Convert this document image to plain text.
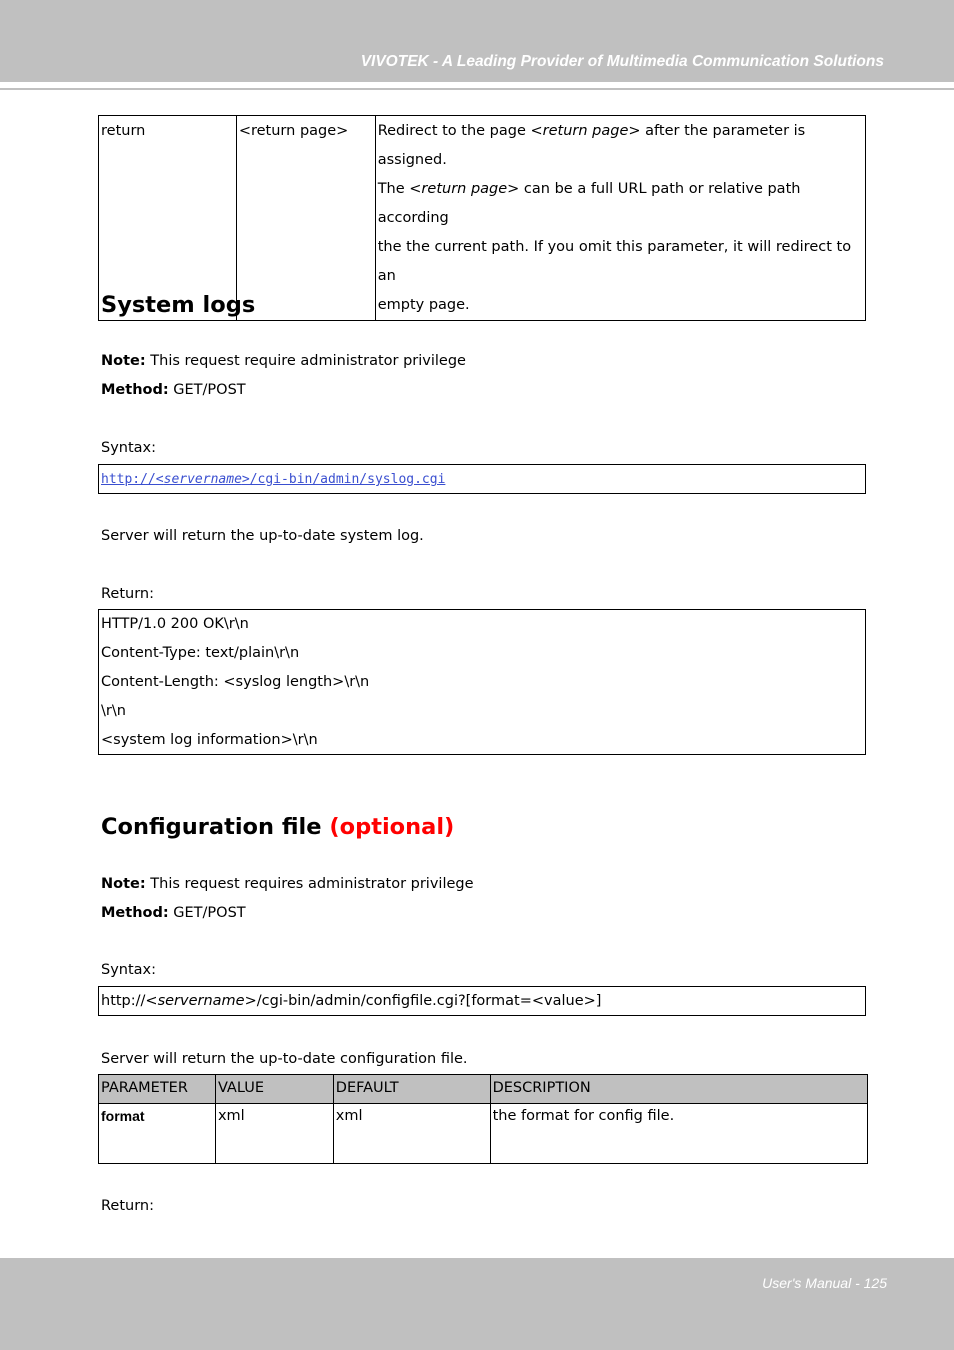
VIVOTEK - A Leading Provider of Multimedia Communication Solutions
return	<return page>	Redirect to the page <return page> after the parameter is assigned.
The <return page> can be a full URL path or relative path according
the the current path. If you omit this parameter, it will redirect to an
empty page.
System logs
Note: This request require administrator privilege
Method: GET/POST
Syntax:
http://<servername>/cgi-bin/admin/syslog.cgi
Server will return the up-to-date system log.
Return:
HTTP/1.0 200 OK\r\n
Content-Type: text/plain\r\n
Content-Length: <syslog length>\r\n
\r\n
<system log information>\r\n
Configuration file (optional)
Note: This request requires administrator privilege
Method: GET/POST
Syntax:
http://<servername>/cgi-bin/admin/configfile.cgi?[format=<value>]
Server will return the up-to-date configuration file.
PARAMETER	VALUE	DEFAULT	DESCRIPTION
format	xml	xml	the format for config file.
Return:
User's Manual - 125
